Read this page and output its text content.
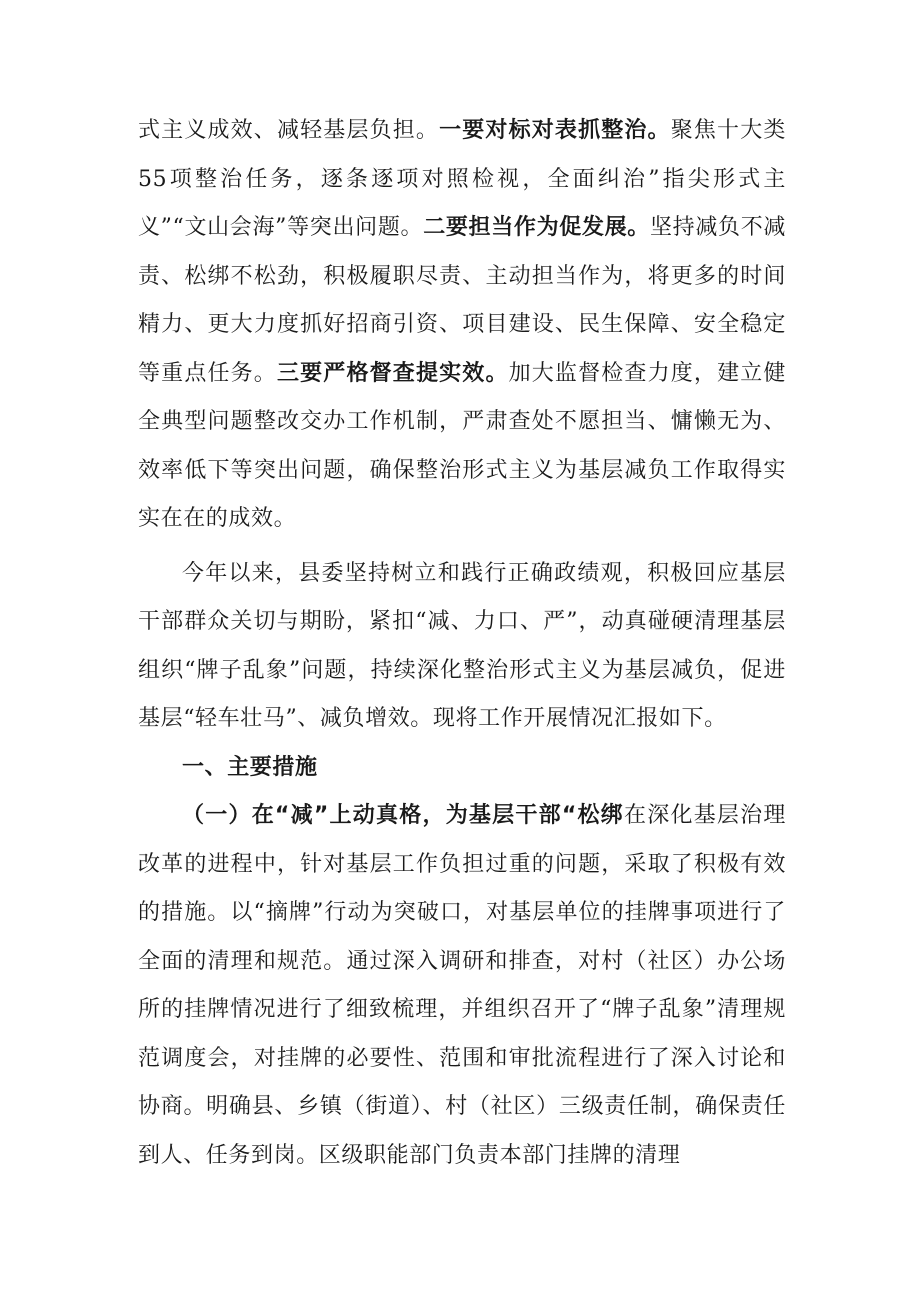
式主义成效、减轻基层负担。一要对标对表抓整治。聚焦十大类55项整治任务，逐条逐项对照检视，全面纠治”指尖形式主义”“文山会海”等突出问题。二要担当作为促发展。坚持减负不减责、松绑不松劲，积极履职尽责、主动担当作为，将更多的时间精力、更大力度抓好招商引资、项目建设、民生保障、安全稳定等重点任务。三要严格督查提实效。加大监督检查力度，建立健全典型问题整改交办工作机制，严肃查处不愿担当、慵懒无为、效率低下等突出问题，确保整治形式主义为基层减负工作取得实实在在的成效。

今年以来，县委坚持树立和践行正确政绩观，积极回应基层干部群众关切与期盼，紧扣“减、力口、严”，动真碰硬清理基层组织“牌子乱象”问题，持续深化整治形式主义为基层减负，促进基层“轻车壮马”、减负增效。现将工作开展情况汇报如下。

一、主要措施

（一）在“减”上动真格，为基层干部“松绑在深化基层治理改革的进程中，针对基层工作负担过重的问题，采取了积极有效的措施。以“摘牌”行动为突破口，对基层单位的挂牌事项进行了全面的清理和规范。通过深入调研和排查，对村（社区）办公场所的挂牌情况进行了细致梳理，并组织召开了“牌子乱象”清理规范调度会，对挂牌的必要性、范围和审批流程进行了深入讨论和协商。明确县、乡镇（街道）、村（社区）三级责任制，确保责任到人、任务到岗。区级职能部门负责本部门挂牌的清理
